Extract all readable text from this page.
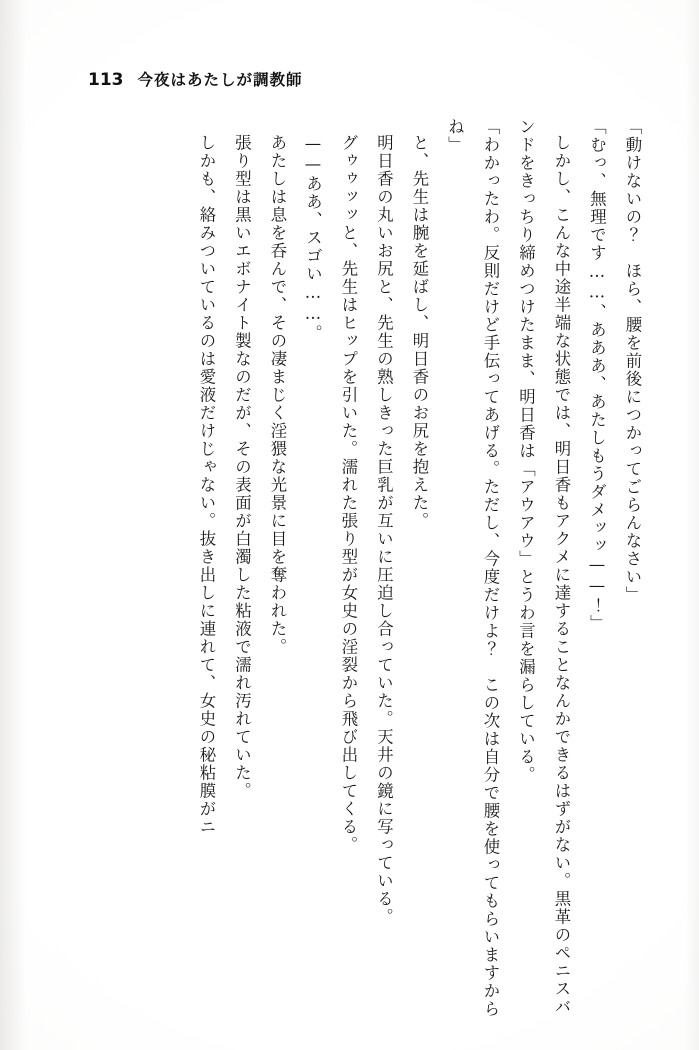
113 今夜はあたしが調教師

「動けないの？　ほら、腰を前後につかってごらんなさい」

「むっ、無理です……、あああ、あたしもうダメッッ——！」

しかし、こんな中途半端な状態では、明日香もアクメに達することなんかできるはずがない。黒革のペニスバンドをきっちり締めつけたまま、明日香は「アウアウ」とうわ言を漏らしている。

「わかったわ。反則だけど手伝ってあげる。ただし、今度だけよ？　この次は自分で腰を使ってもらいますからね」

と、先生は腕を延ばし、明日香のお尻を抱えた。

明日香の丸いお尻と、先生の熟しきった巨乳が互いに圧迫し合っていた。天井の鏡に写っている。

グゥゥッッと、先生はヒップを引いた。濡れた張り型が女史の淫裂から飛び出してくる。

——ああ、スゴい……。

あたしは息を呑んで、その凄まじく淫猥な光景に目を奪われた。

張り型は黒いエボナイト製なのだが、その表面が白濁した粘液で濡れ汚れていた。

しかも、絡みついているのは愛液だけじゃない。抜き出しに連れて、女史の秘粘膜がニ
